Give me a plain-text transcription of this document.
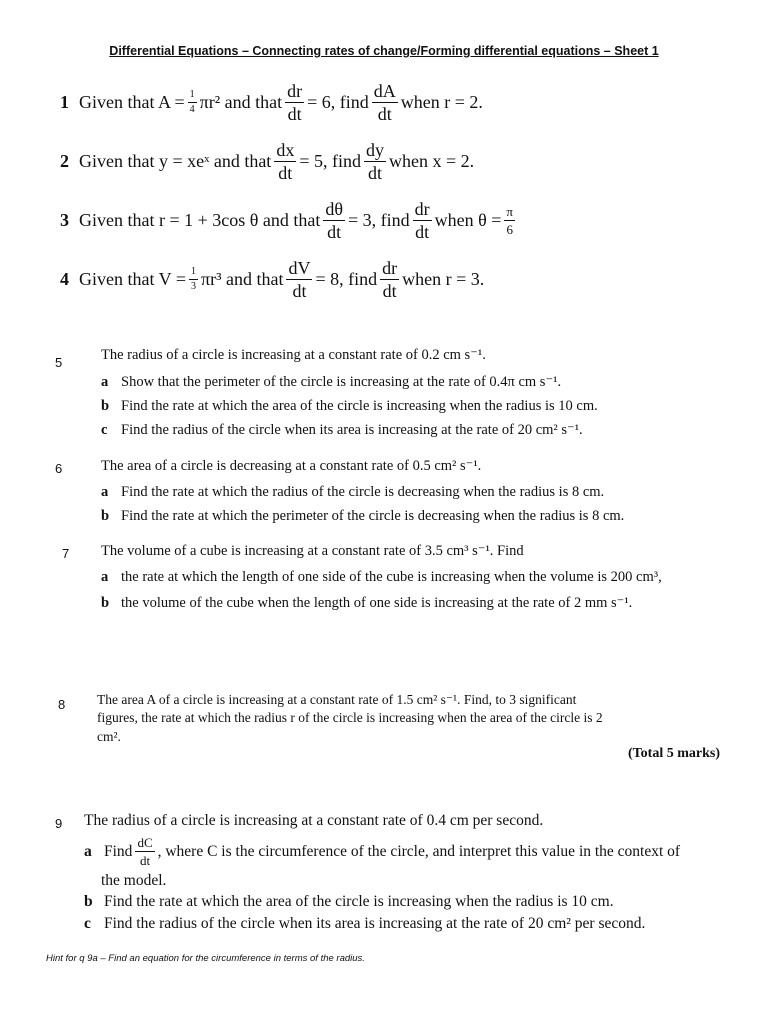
Differential Equations – Connecting rates of change/Forming differential equations – Sheet 1
1 Given that $A = \frac{1}{4} \pi r^2$ and that $\frac{dr}{dt} = 6$, find $\frac{dA}{dt}$ when r = 2.
2 Given that y = xeˣ and that $\frac{dx}{dt} = 5$, find $\frac{dy}{dt}$ when x = 2.
3 Given that r = 1 + 3cos θ and that $\frac{d\theta}{dt} = 3$, find $\frac{dr}{dt}$ when $\theta = \frac{\pi}{6}$
4 Given that $V = \frac{1}{3} \pi r^3$ and that $\frac{dV}{dt} = 8$, find $\frac{dr}{dt}$ when r = 3.
5	The radius of a circle is increasing at a constant rate of 0.2 cm s⁻¹.
a Show that the perimeter of the circle is increasing at the rate of 0.4π cm s⁻¹.
b Find the rate at which the area of the circle is increasing when the radius is 10 cm.
c Find the radius of the circle when its area is increasing at the rate of 20 cm² s⁻¹.
6	The area of a circle is decreasing at a constant rate of 0.5 cm² s⁻¹.
a Find the rate at which the radius of the circle is decreasing when the radius is 8 cm.
b Find the rate at which the perimeter of the circle is decreasing when the radius is 8 cm.
7 The volume of a cube is increasing at a constant rate of 3.5 cm³ s⁻¹. Find
a the rate at which the length of one side of the cube is increasing when the volume is 200 cm³,
b the volume of the cube when the length of one side is increasing at the rate of 2 mm s⁻¹.
8 The area A of a circle is increasing at a constant rate of 1.5 cm² s⁻¹. Find, to 3 significant
figures, the rate at which the radius r of the circle is increasing when the area of the circle is 2
cm².
(Total 5 marks)
9 The radius of a circle is increasing at a constant rate of 0.4 cm per second.
a Find $\frac{dC}{dt}$ , where C is the circumference of the circle, and interpret this value in the context of
the model.
b Find the rate at which the area of the circle is increasing when the radius is 10 cm.
c Find the radius of the circle when its area is increasing at the rate of 20 cm² per second.
Hint for q 9a – Find an equation for the circumference in terms of the radius.
